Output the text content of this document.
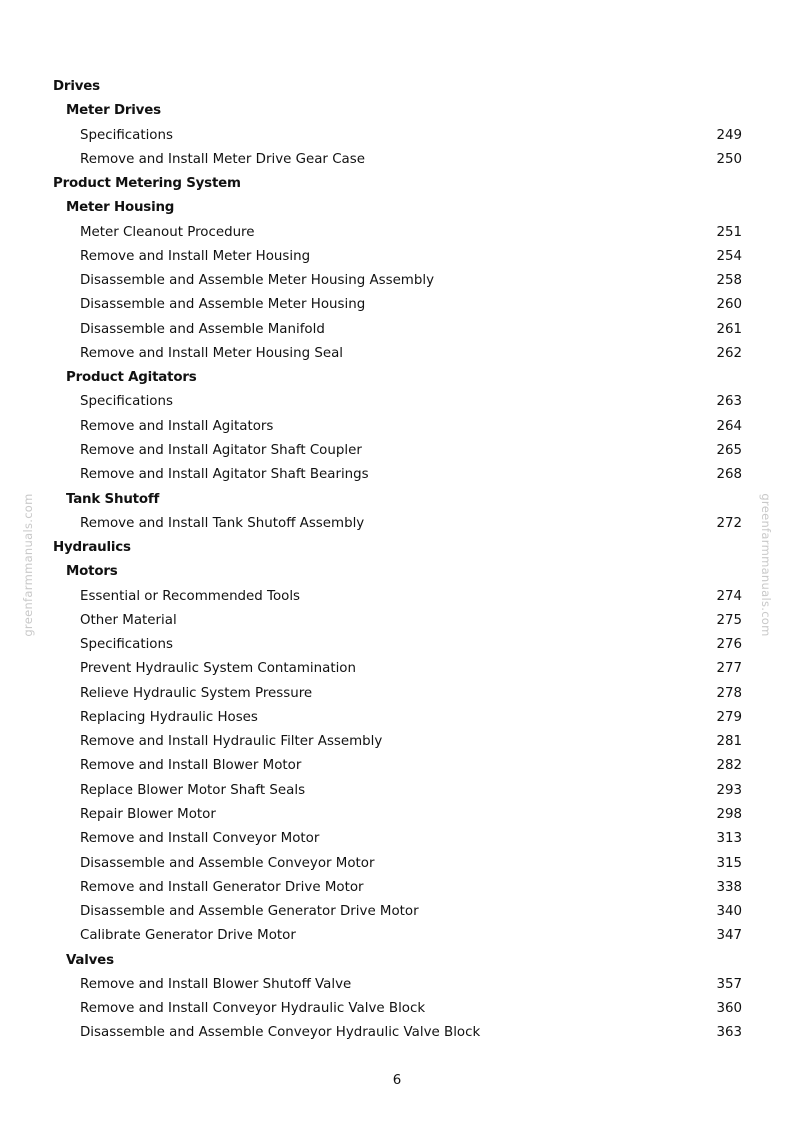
greenfarmmanuals.com	greenfarmmanuals.com
Drives
Meter Drives
Specifications	249
Remove and Install Meter Drive Gear Case	250
Product Metering System
Meter Housing
Meter Cleanout Procedure	251
Remove and Install Meter Housing	254
Disassemble and Assemble Meter Housing Assembly	258
Disassemble and Assemble Meter Housing	260
Disassemble and Assemble Manifold	261
Remove and Install Meter Housing Seal	262
Product Agitators
Specifications	263
Remove and Install Agitators	264
Remove and Install Agitator Shaft Coupler	265
Remove and Install Agitator Shaft Bearings	268
Tank Shutoff
Remove and Install Tank Shutoff Assembly	272
Hydraulics
Motors
Essential or Recommended Tools	274
Other Material	275
Specifications	276
Prevent Hydraulic System Contamination	277
Relieve Hydraulic System Pressure	278
Replacing Hydraulic Hoses	279
Remove and Install Hydraulic Filter Assembly	281
Remove and Install Blower Motor	282
Replace Blower Motor Shaft Seals	293
Repair Blower Motor	298
Remove and Install Conveyor Motor	313
Disassemble and Assemble Conveyor Motor	315
Remove and Install Generator Drive Motor	338
Disassemble and Assemble Generator Drive Motor	340
Calibrate Generator Drive Motor	347
Valves
Remove and Install Blower Shutoff Valve	357
Remove and Install Conveyor Hydraulic Valve Block	360
Disassemble and Assemble Conveyor Hydraulic Valve Block	363
6
